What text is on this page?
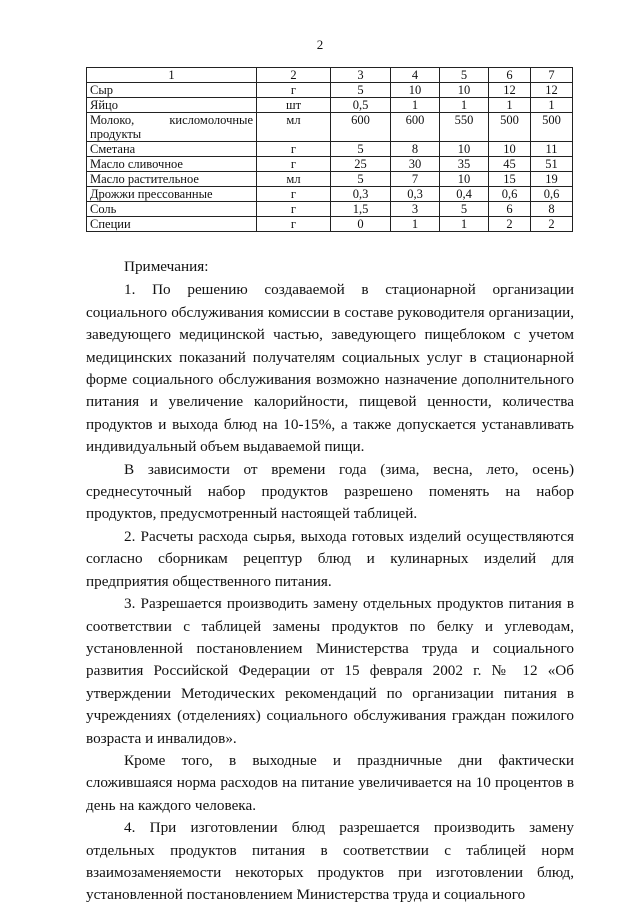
2
1	2	3	4	5	6	7
Сыр	г	5	10	10	12	12
Яйцо	шт	0,5	1	1	1	1
Молоко, кисломолочные продукты	мл	600	600	550	500	500
Сметана	г	5	8	10	10	11
Масло сливочное	г	25	30	35	45	51
Масло растительное	мл	5	7	10	15	19
Дрожжи прессованные	г	0,3	0,3	0,4	0,6	0,6
Соль	г	1,5	3	5	6	8
Специи	г	0	1	1	2	2

Примечания:

1. По решению создаваемой в стационарной организации социального обслуживания комиссии в составе руководителя организации, заведующего медицинской частью, заведующего пищеблоком с учетом медицинских показаний получателям социальных услуг в стационарной форме социального обслуживания возможно назначение дополнительного питания и увеличение калорийности, пищевой ценности, количества продуктов и выхода блюд на 10-15%, а также допускается устанавливать индивидуальный объем выдаваемой пищи.

В зависимости от времени года (зима, весна, лето, осень) среднесуточный набор продуктов разрешено поменять на набор продуктов, предусмотренный настоящей таблицей.

2. Расчеты расхода сырья, выхода готовых изделий осуществляются согласно сборникам рецептур блюд и кулинарных изделий для предприятия общественного питания.

3. Разрешается производить замену отдельных продуктов питания в соответствии с таблицей замены продуктов по белку и углеводам, установленной постановлением Министерства труда и социального развития Российской Федерации от 15 февраля 2002 г. № 12 «Об утверждении Методических рекомендаций по организации питания в учреждениях (отделениях) социального обслуживания граждан пожилого возраста и инвалидов».

Кроме того, в выходные и праздничные дни фактически сложившаяся норма расходов на питание увеличивается на 10 процентов в день на каждого человека.

4. При изготовлении блюд разрешается производить замену отдельных продуктов питания в соответствии с таблицей норм взаимозаменяемости некоторых продуктов при изготовлении блюд, установленной постановлением Министерства труда и социального
